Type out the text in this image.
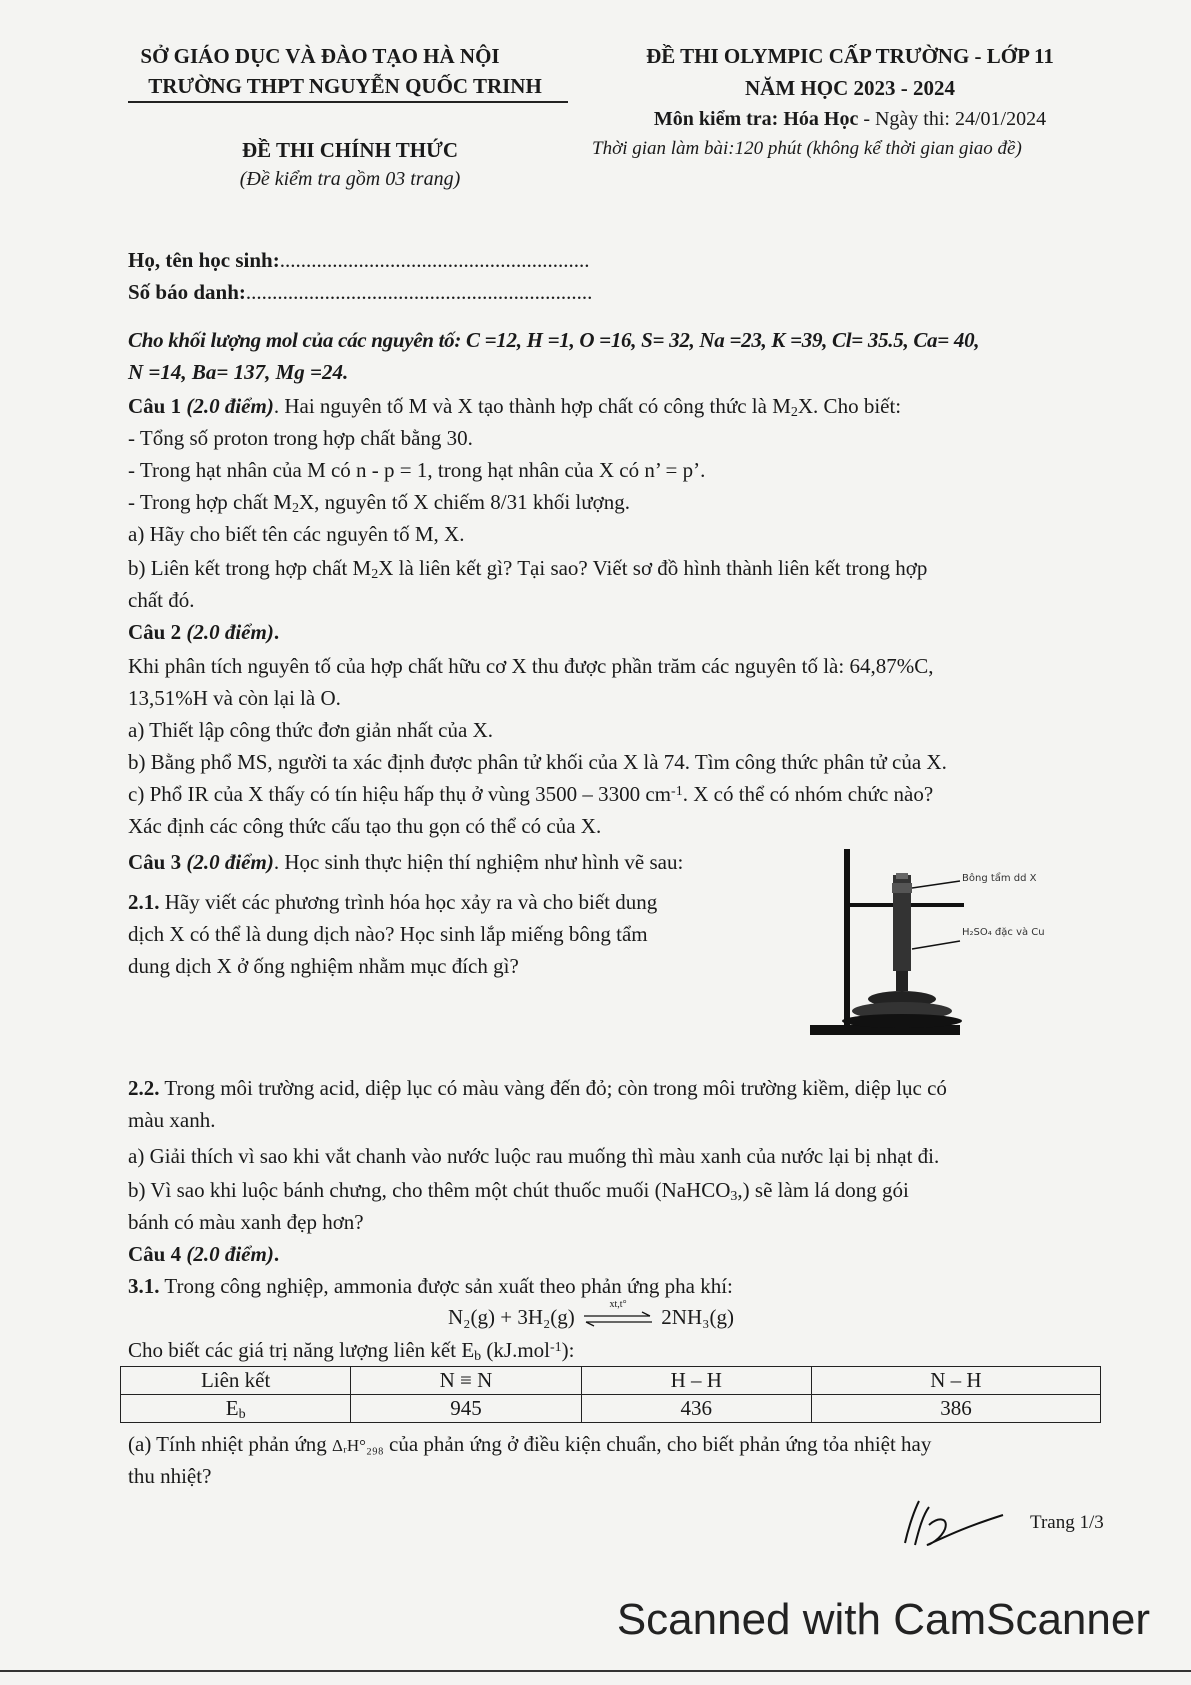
SỞ GIÁO DỤC VÀ ĐÀO TẠO HÀ NỘI
TRƯỜNG THPT NGUYỄN QUỐC TRINH
ĐỀ THI CHÍNH THỨC
(Đề kiểm tra gồm 03 trang)
ĐỀ THI OLYMPIC CẤP TRƯỜNG - LỚP 11
NĂM HỌC 2023 - 2024
Môn kiểm tra: Hóa Học - Ngày thi: 24/01/2024
Thời gian làm bài:120 phút (không kể thời gian giao đề)
Họ, tên học sinh:...........................................................
Số báo danh:..................................................................
Cho khối lượng mol của các nguyên tố: C =12, H =1, O =16, S= 32, Na =23, K =39, Cl= 35.5, Ca= 40,
N =14, Ba= 137, Mg =24.
Câu 1 (2.0 điểm). Hai nguyên tố M và X tạo thành hợp chất có công thức là $M_2X$. Cho biết:
- Tổng số proton trong hợp chất bằng 30.
- Trong hạt nhân của M có n - p = 1, trong hạt nhân của X có n’ = p’.
- Trong hợp chất $M_2X$, nguyên tố X chiếm 8/31 khối lượng.
a) Hãy cho biết tên các nguyên tố M, X.
b) Liên kết trong hợp chất $M_2X$ là liên kết gì? Tại sao? Viết sơ đồ hình thành liên kết trong hợp
chất đó.
Câu 2 (2.0 điểm).
Khi phân tích nguyên tố của hợp chất hữu cơ X thu được phần trăm các nguyên tố là: 64,87%C,
13,51%H và còn lại là O.
a) Thiết lập công thức đơn giản nhất của X.
b) Bằng phổ MS, người ta xác định được phân tử khối của X là 74. Tìm công thức phân tử của X.
c) Phổ IR của X thấy có tín hiệu hấp thụ ở vùng 3500 – 3300 $cm^{-1}$. X có thể có nhóm chức nào?
Xác định các công thức cấu tạo thu gọn có thể có của X.
Câu 3 (2.0 điểm). Học sinh thực hiện thí nghiệm như hình vẽ sau:
2.1. Hãy viết các phương trình hóa học xảy ra và cho biết dung
dịch X có thể là dung dịch nào? Học sinh lắp miếng bông tẩm
dung dịch X ở ống nghiệm nhằm mục đích gì?
Bông tẩm dd X
H₂SO₄ đặc và Cu
2.2. Trong môi trường acid, diệp lục có màu vàng đến đỏ; còn trong môi trường kiềm, diệp lục có
màu xanh.
a) Giải thích vì sao khi vắt chanh vào nước luộc rau muống thì màu xanh của nước lại bị nhạt đi.
b) Vì sao khi luộc bánh chưng, cho thêm một chút thuốc muối (NaHCO$_3$,) sẽ làm lá dong gói
bánh có màu xanh đẹp hơn?
Câu 4 (2.0 điểm).
3.1. Trong công nghiệp, ammonia được sản xuất theo phản ứng pha khí:
N₂(g) + 3H₂(g)
xt,t°
2NH₃(g)
Cho biết các giá trị năng lượng liên kết $E_b$ (kJ.mol$^{-1}$):
Liên kết	N ≡ N	H – H	N – H
$E_b$	945	436	386
(a) Tính nhiệt phản ứng ΔᵣH°₂₉₈ của phản ứng ở điều kiện chuẩn, cho biết phản ứng tỏa nhiệt hay
thu nhiệt?
Trang 1/3
Scanned with CamScanner
